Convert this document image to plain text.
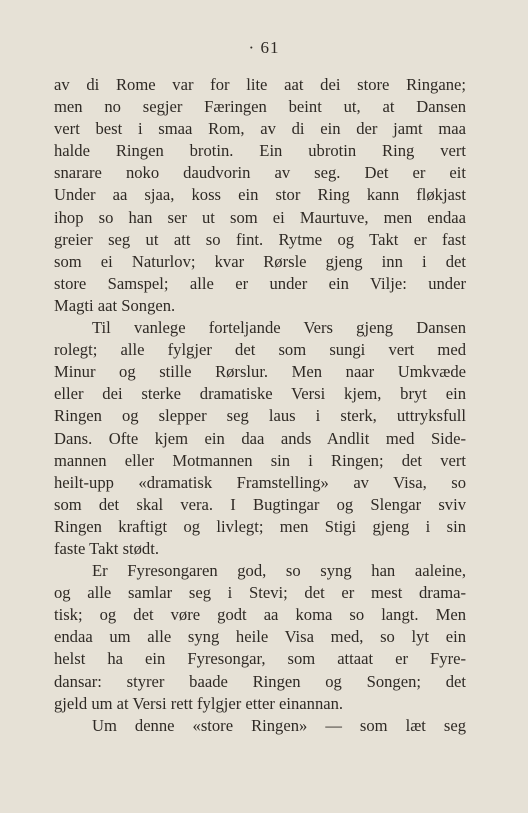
· 61
av di Rome var for lite aat dei store Ringane;
men no segjer Færingen beint ut, at Dansen
vert best i smaa Rom, av di ein der jamt maa
halde Ringen brotin. Ein ubrotin Ring vert
snarare noko daudvorin av seg. Det er eit
Under aa sjaa, koss ein stor Ring kann fløkjast
ihop so han ser ut som ei Maurtuve, men endaa
greier seg ut att so fint. Rytme og Takt er fast
som ei Naturlov; kvar Rørsle gjeng inn i det
store Samspel; alle er under ein Vilje: under
Magti aat Songen.
Til vanlege forteljande Vers gjeng Dansen
rolegt; alle fylgjer det som sungi vert med
Minur og stille Rørslur. Men naar Umkvæde
eller dei sterke dramatiske Versi kjem, bryt ein
Ringen og slepper seg laus i sterk, uttryksfull
Dans. Ofte kjem ein daa ands Andlit med Side-
mannen eller Motmannen sin i Ringen; det vert
heilt-upp «dramatisk Framstelling» av Visa, so
som det skal vera. I Bugtingar og Slengar sviv
Ringen kraftigt og livlegt; men Stigi gjeng i sin
faste Takt stødt.
Er Fyresongaren god, so syng han aaleine,
og alle samlar seg i Stevi; det er mest drama-
tisk; og det vøre godt aa koma so langt. Men
endaa um alle syng heile Visa med, so lyt ein
helst ha ein Fyresongar, som attaat er Fyre-
dansar: styrer baade Ringen og Songen; det
gjeld um at Versi rett fylgjer etter einannan.
Um denne «store Ringen» — som læt seg
